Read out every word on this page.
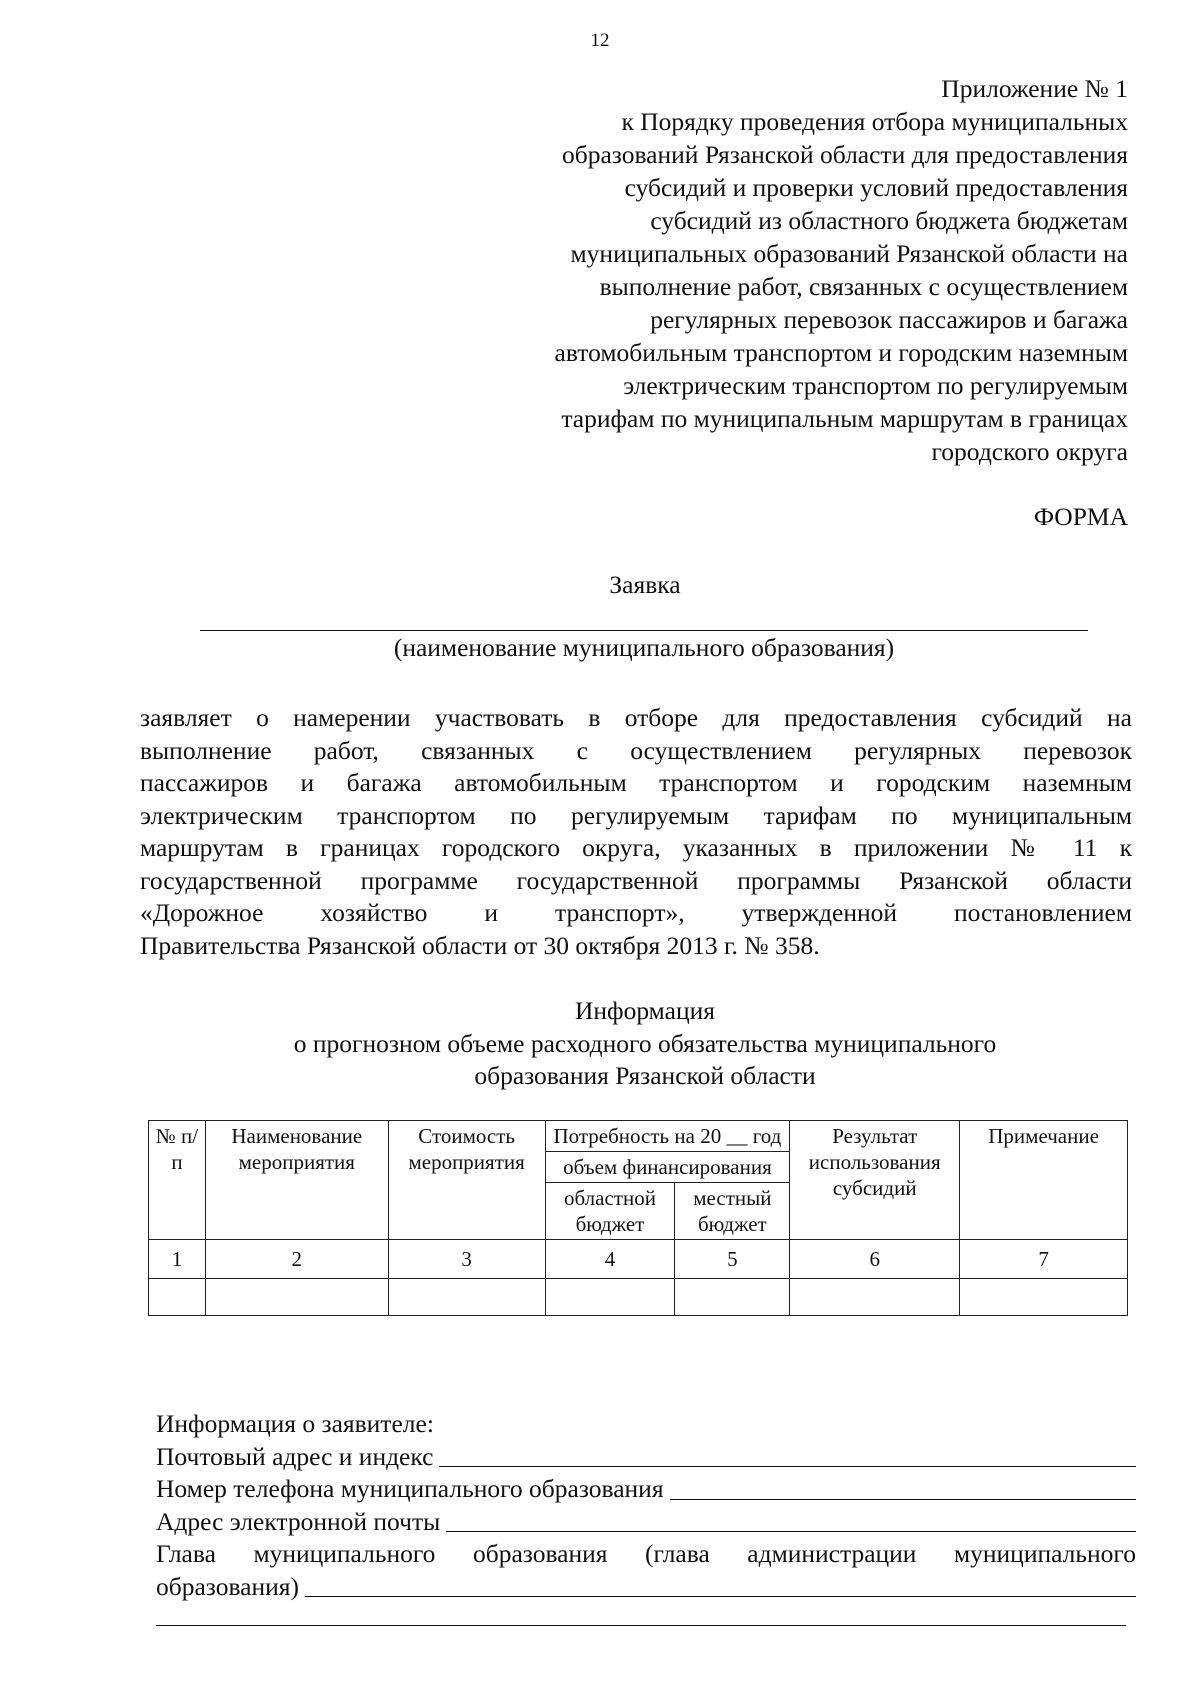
12
Приложение № 1
к Порядку проведения отбора муниципальных
образований Рязанской области для предоставления
субсидий и проверки условий предоставления
субсидий из областного бюджета бюджетам
муниципальных образований Рязанской области на
выполнение работ, связанных с осуществлением
регулярных перевозок пассажиров и багажа
автомобильным транспортом и городским наземным
электрическим транспортом по регулируемым
тарифам по муниципальным маршрутам в границах
городского округа
ФОРМА
Заявка
(наименование муниципального образования)
заявляет о намерении участвовать в отборе для предоставления субсидий на
выполнение работ, связанных с осуществлением регулярных перевозок
пассажиров и багажа автомобильным транспортом и городским наземным
электрическим транспортом по регулируемым тарифам по муниципальным
маршрутам в границах городского округа, указанных в приложении № 11 к
государственной программе государственной программы Рязанской области
«Дорожное хозяйство и транспорт», утвержденной постановлением
Правительства Рязанской области от 30 октября 2013 г. № 358.
Информация
о прогнозном объеме расходного обязательства муниципального
образования Рязанской области
№ п/п	Наименование мероприятия	Стоимость мероприятия	Потребность на 20 __ год		Результат использования субсидий	Примечание
			объем финансирования			
			областной бюджет	местный бюджет		
1	2	3	4	5	6	7

Информация о заявителе:
Почтовый адрес и индекс
Номер телефона муниципального образования
Адрес электронной почты
Глава муниципального образования (глава администрации муниципального
образования)
